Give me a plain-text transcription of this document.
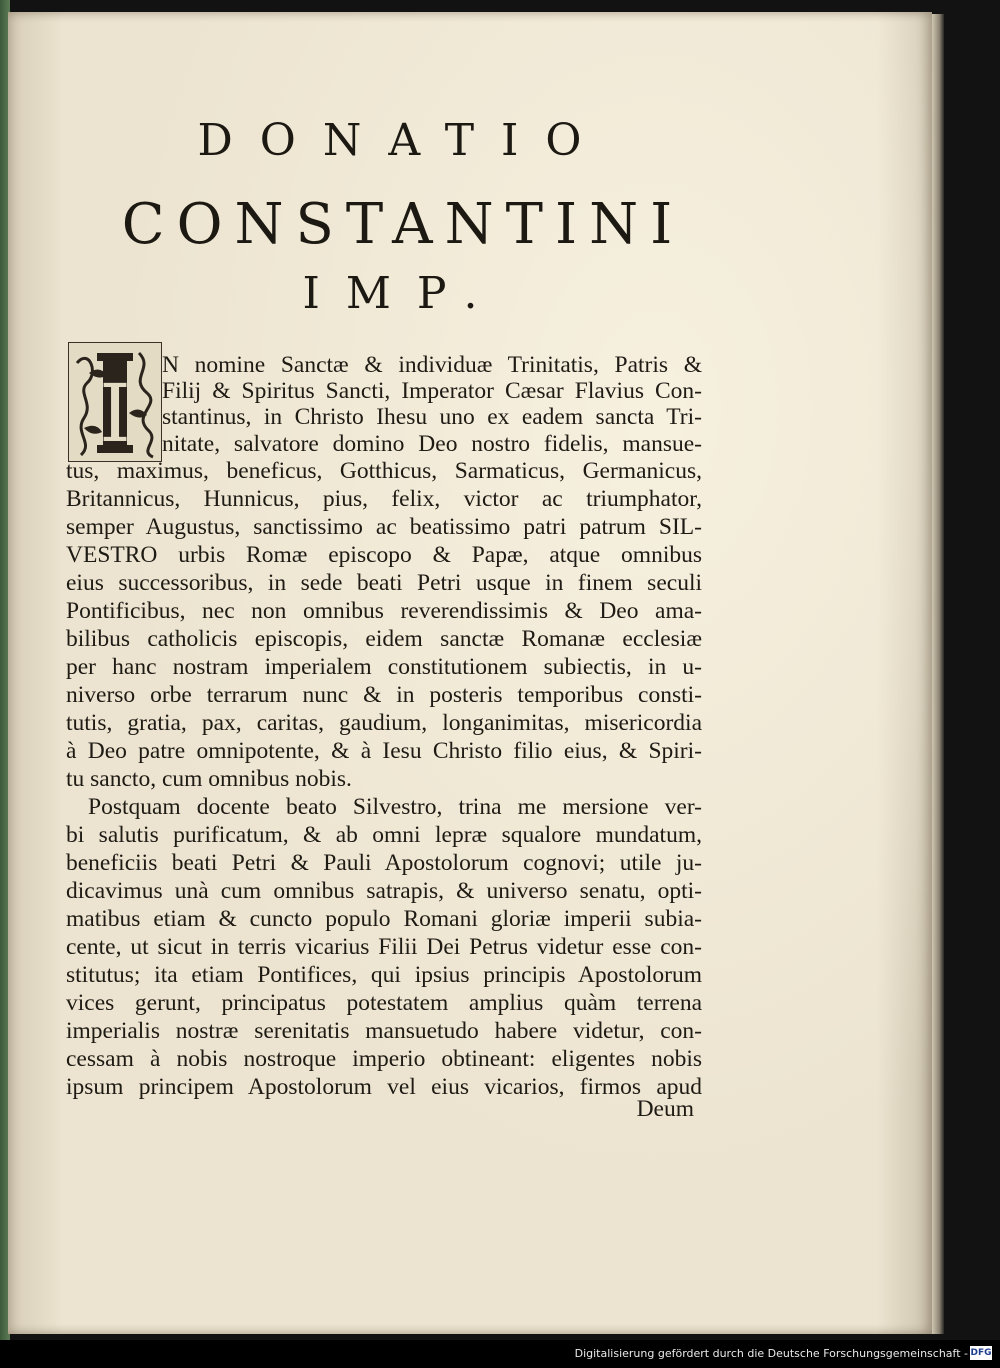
DONATIO
CONSTANTINI
IMP.
I
N nomine Sanctæ & individuæ Trinitatis, Patris &
Filij & Spiritus Sancti, Imperator Cæsar Flavius Con-
stantinus, in Christo Ihesu uno ex eadem sancta Tri-
nitate, salvatore domino Deo nostro fidelis, mansue-
tus, maximus, beneficus, Gotthicus, Sarmaticus, Germanicus,
Britannicus, Hunnicus, pius, felix, victor ac triumphator,
semper Augustus, sanctissimo ac beatissimo patri patrum SIL-
VESTRO urbis Romæ episcopo & Papæ, atque omnibus
eius successoribus, in sede beati Petri usque in finem seculi
Pontificibus, nec non omnibus reverendissimis & Deo ama-
bilibus catholicis episcopis, eidem sanctæ Romanæ ecclesiæ
per hanc nostram imperialem constitutionem subiectis, in u-
niverso orbe terrarum nunc & in posteris temporibus consti-
tutis, gratia, pax, caritas, gaudium, longanimitas, misericordia
à Deo patre omnipotente, & à Iesu Christo filio eius, & Spiri-
tu sancto, cum omnibus nobis.
Postquam docente beato Silvestro, trina me mersione ver-
bi salutis purificatum, & ab omni lepræ squalore mundatum,
beneficiis beati Petri & Pauli Apostolorum cognovi; utile ju-
dicavimus unà cum omnibus satrapis, & universo senatu, opti-
matibus etiam & cuncto populo Romani gloriæ imperii subia-
cente, ut sicut in terris vicarius Filii Dei Petrus videtur esse con-
stitutus; ita etiam Pontifices, qui ipsius principis Apostolorum
vices gerunt, principatus potestatem amplius quàm terrena
imperialis nostræ serenitatis mansuetudo habere videtur, con-
cessam à nobis nostroque imperio obtineant: eligentes nobis
ipsum principem Apostolorum vel eius vicarios, firmos apud
Deum
Digitalisierung gefördert durch die Deutsche Forschungsgemeinschaft - DFG
